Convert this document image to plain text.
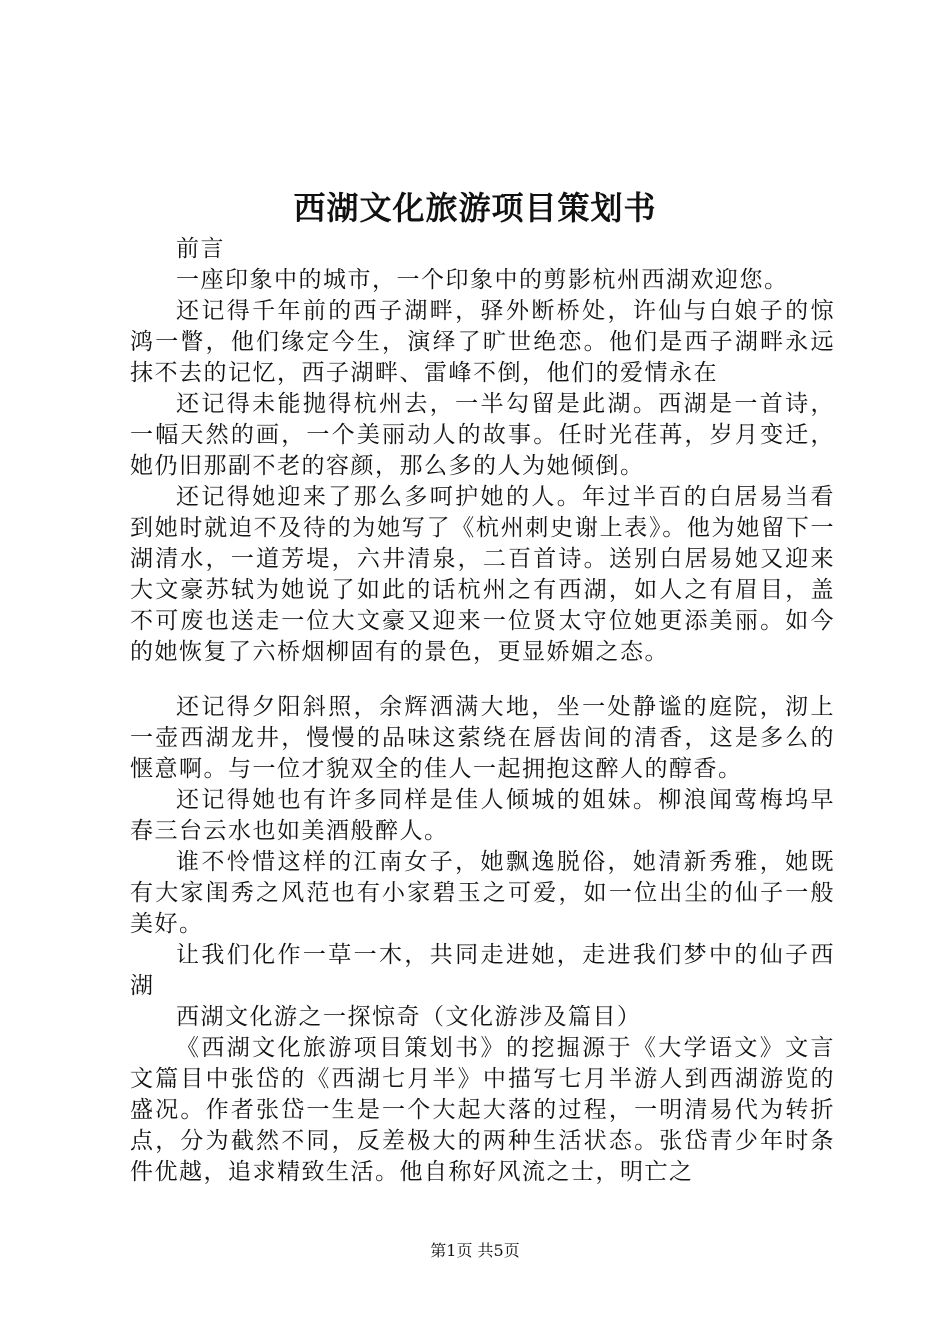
西湖文化旅游项目策划书

前言

一座印象中的城市，一个印象中的剪影杭州西湖欢迎您。

还记得千年前的西子湖畔，驿外断桥处，许仙与白娘子的惊鸿一瞥，他们缘定今生，演绎了旷世绝恋。他们是西子湖畔永远抹不去的记忆，西子湖畔、雷峰不倒，他们的爱情永在

还记得未能抛得杭州去，一半勾留是此湖。西湖是一首诗，一幅天然的画，一个美丽动人的故事。任时光荏苒，岁月变迁，她仍旧那副不老的容颜，那么多的人为她倾倒。

还记得她迎来了那么多呵护她的人。年过半百的白居易当看到她时就迫不及待的为她写了《杭州刺史谢上表》。他为她留下一湖清水，一道芳堤，六井清泉，二百首诗。送别白居易她又迎来大文豪苏轼为她说了如此的话杭州之有西湖，如人之有眉目，盖不可废也送走一位大文豪又迎来一位贤太守位她更添美丽。如今的她恢复了六桥烟柳固有的景色，更显娇媚之态。

还记得夕阳斜照，余辉洒满大地，坐一处静谧的庭院，沏上一壶西湖龙井，慢慢的品味这萦绕在唇齿间的清香，这是多么的惬意啊。与一位才貌双全的佳人一起拥抱这醉人的醇香。

还记得她也有许多同样是佳人倾城的姐妹。柳浪闻莺梅坞早春三台云水也如美酒般醉人。

谁不怜惜这样的江南女子，她飘逸脱俗，她清新秀雅，她既有大家闺秀之风范也有小家碧玉之可爱，如一位出尘的仙子一般美好。

让我们化作一草一木，共同走进她，走进我们梦中的仙子西湖

西湖文化游之一探惊奇（文化游涉及篇目）

《西湖文化旅游项目策划书》的挖掘源于《大学语文》文言文篇目中张岱的《西湖七月半》中描写七月半游人到西湖游览的盛况。作者张岱一生是一个大起大落的过程，一明清易代为转折点，分为截然不同，反差极大的两种生活状态。张岱青少年时条件优越，追求精致生活。他自称好风流之士，明亡之

第1页 共5页
